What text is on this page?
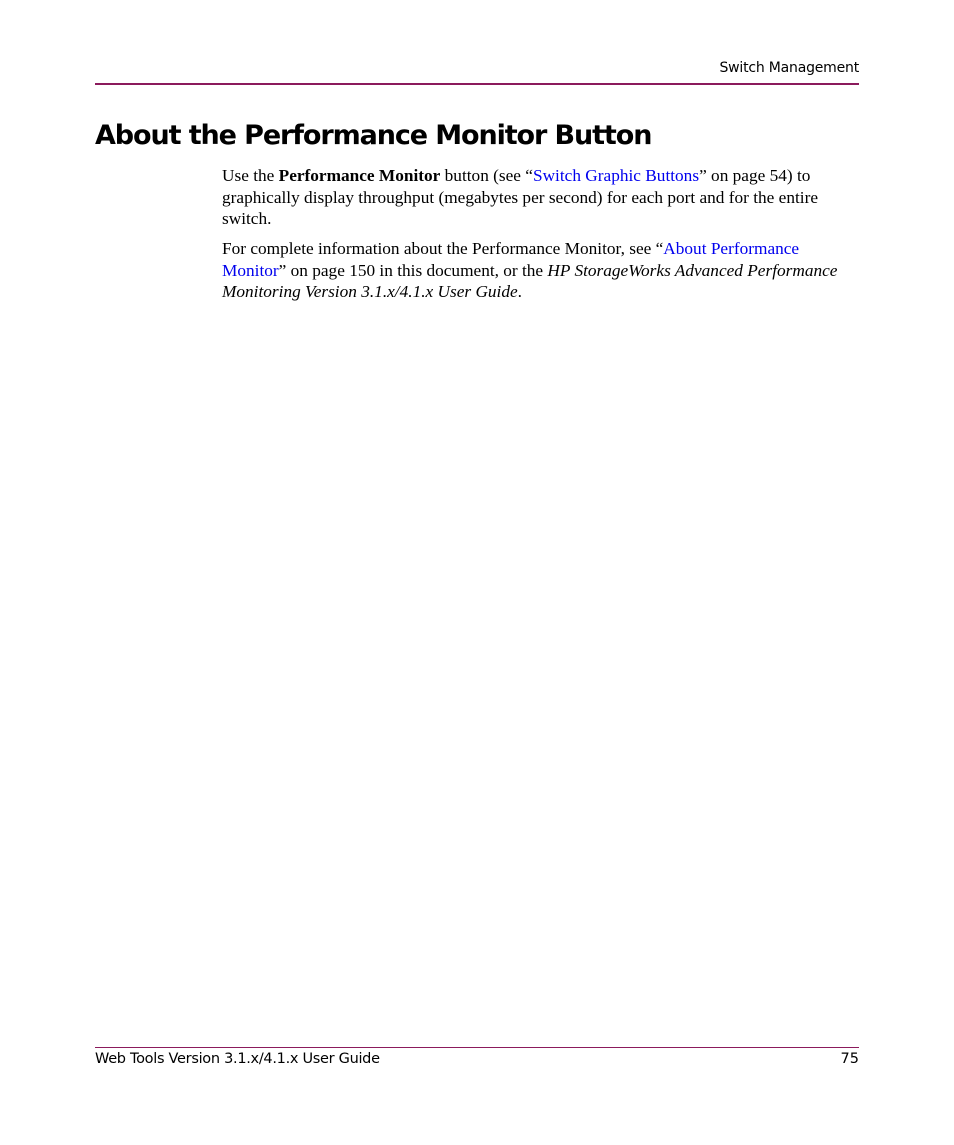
Switch Management
About the Performance Monitor Button

Use the Performance Monitor button (see “Switch Graphic Buttons” on page 54) to graphically display throughput (megabytes per second) for each port and for the entire switch.

For complete information about the Performance Monitor, see “About Performance Monitor” on page 150 in this document, or the HP StorageWorks Advanced Performance Monitoring Version 3.1.x/4.1.x User Guide.

Web Tools Version 3.1.x/4.1.x User Guide	75
